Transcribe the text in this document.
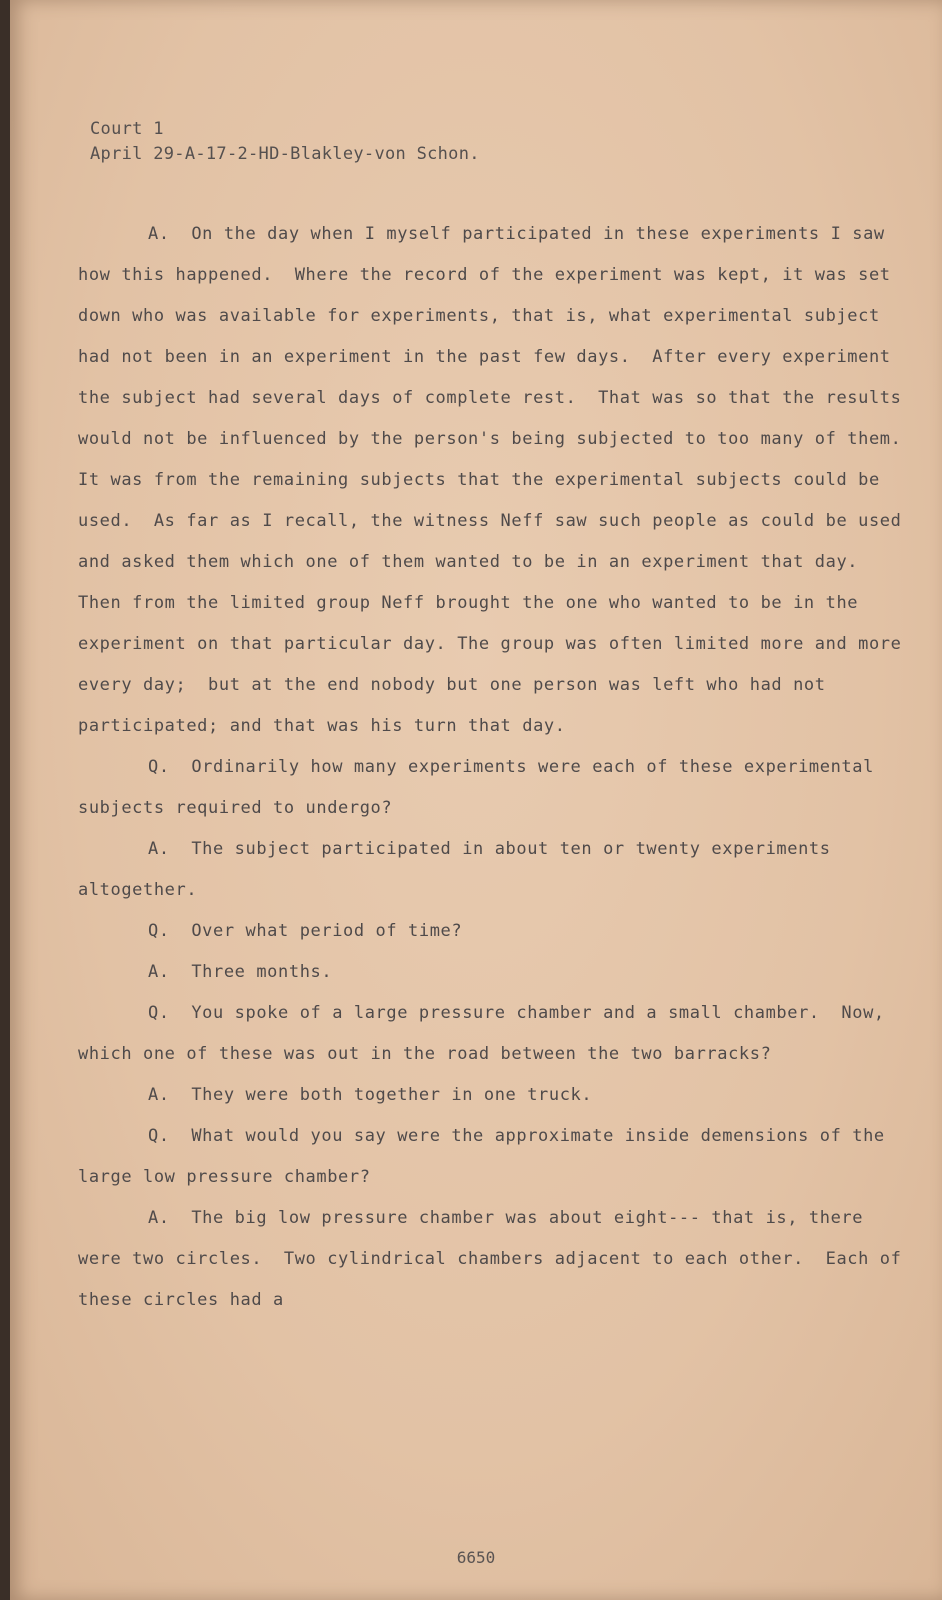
Court 1
April 29-A-17-2-HD-Blakley-von Schon.

A.  On the day when I myself participated in these experiments I saw how this happened.  Where the record of the experiment was kept, it was set down who was available for experiments, that is, what experimental subject had not been in an experiment in the past few days.  After every experiment the subject had several days of complete rest.  That was so that the results would not be influenced by the person's being subjected to too many of them.  It was from the remaining subjects that the experimental subjects could be used.  As far as I recall, the witness Neff saw such people as could be used and asked them which one of them wanted to be in an experiment that day. Then from the limited group Neff brought the one who wanted to be in the experiment on that particular day. The group was often limited more and more every day;  but at the end nobody but one person was left who had not participated; and that was his turn that day.

Q.  Ordinarily how many experiments were each of these experimental subjects required to undergo?

A.  The subject participated in about ten or twenty experiments altogether.

Q.  Over what period of time?

A.  Three months.

Q.  You spoke of a large pressure chamber and a small chamber.  Now, which one of these was out in the road between the two barracks?

A.  They were both together in one truck.

Q.  What would you say were the approximate inside demensions of the large low pressure chamber?

A.  The big low pressure chamber was about eight--- that is, there were two circles.  Two cylindrical chambers adjacent to each other.  Each of these circles had a

6650
